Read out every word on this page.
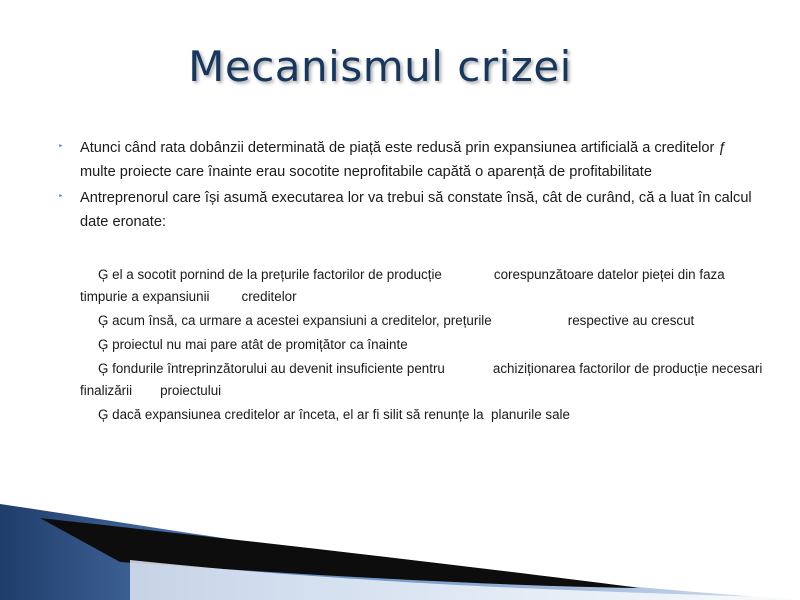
Mecanismul crizei
‣ Atunci când rata dobânzii determinată de piață este redusă prin expansiunea artificială a creditelor ƒ multe proiecte care înainte erau socotite neprofitabile capătă o aparență de profitabilitate
‣ Antreprenorul care își asumă executarea lor va trebui să constate însă, cât de curând, că a luat în calcul date eronate:
Ģ el a socotit pornind de la prețurile factorilor de producție	corespunzătoare datelor pieței din faza timpurie a expansiunii creditelor
Ģ acum însă, ca urmare a acestei expansiuni a creditelor, prețurile	respective au crescut
Ģ proiectul nu mai pare atât de promițător ca înainte
Ģ fondurile întreprinzătorului au devenit insuficiente pentru	achiziționarea factorilor de producție necesari finalizării proiectului
Ģ dacă expansiunea creditelor ar înceta, el ar fi silit să renunțe la planurile sale
